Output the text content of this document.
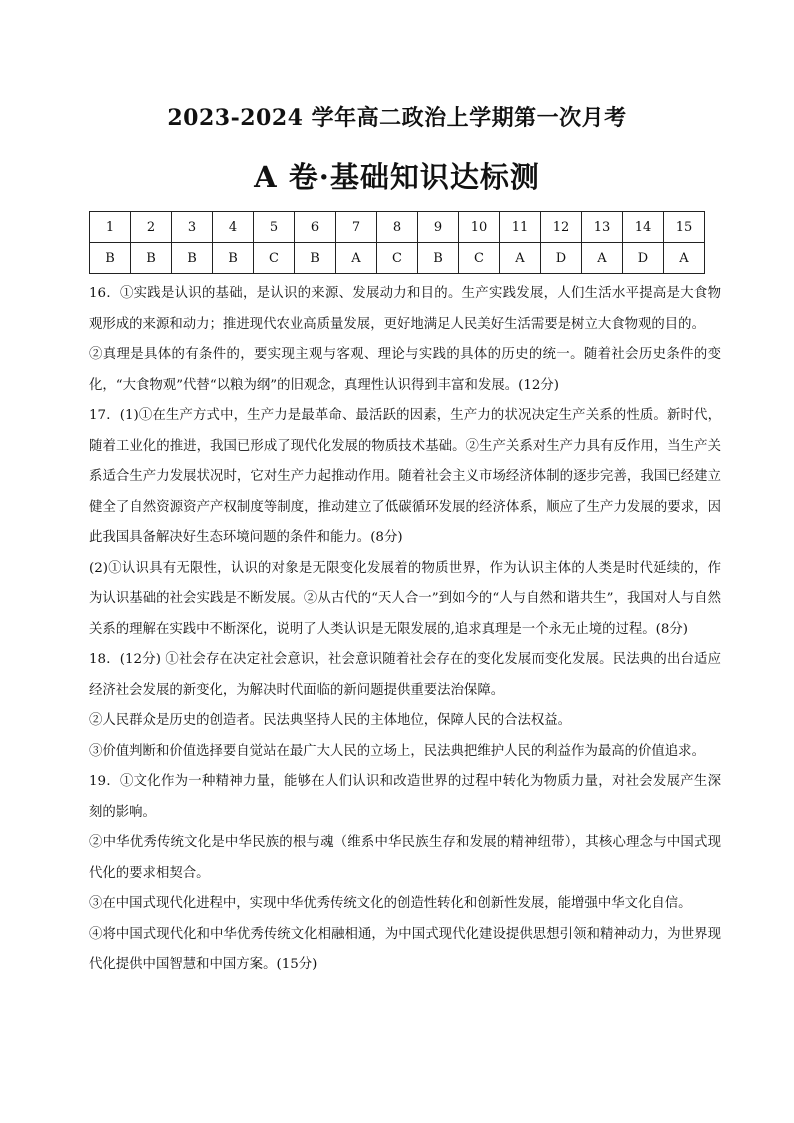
2023-2024 学年高二政治上学期第一次月考
A 卷·基础知识达标测
1	2	3	4	5	6	7	8	9	10	11	12	13	14	15
B	B	B	B	C	B	A	C	B	C	A	D	A	D	A

16．①实践是认识的基础，是认识的来源、发展动力和目的。生产实践发展，人们生活水平提高是大食物观形成的来源和动力；推进现代农业高质量发展，更好地满足人民美好生活需要是树立大食物观的目的。

②真理是具体的有条件的，要实现主观与客观、理论与实践的具体的历史的统一。随着社会历史条件的变化，“大食物观”代替“以粮为纲”的旧观念，真理性认识得到丰富和发展。(12分)

17．(1)①在生产方式中，生产力是最革命、最活跃的因素，生产力的状况决定生产关系的性质。新时代，随着工业化的推进，我国已形成了现代化发展的物质技术基础。②生产关系对生产力具有反作用，当生产关系适合生产力发展状况时，它对生产力起推动作用。随着社会主义市场经济体制的逐步完善，我国已经建立健全了自然资源资产产权制度等制度，推动建立了低碳循环发展的经济体系，顺应了生产力发展的要求，因此我国具备解决好生态环境问题的条件和能力。(8分)

(2)①认识具有无限性，认识的对象是无限变化发展着的物质世界，作为认识主体的人类是时代延续的，作为认识基础的社会实践是不断发展。②从古代的“天人合一”到如今的“人与自然和谐共生”，我国对人与自然关系的理解在实践中不断深化，说明了人类认识是无限发展的,追求真理是一个永无止境的过程。(8分)

18．(12分) ①社会存在决定社会意识，社会意识随着社会存在的变化发展而变化发展。民法典的出台适应经济社会发展的新变化，为解决时代面临的新问题提供重要法治保障。

②人民群众是历史的创造者。民法典坚持人民的主体地位，保障人民的合法权益。

③价值判断和价值选择要自觉站在最广大人民的立场上，民法典把维护人民的利益作为最高的价值追求。

19．①文化作为一种精神力量，能够在人们认识和改造世界的过程中转化为物质力量，对社会发展产生深刻的影响。

②中华优秀传统文化是中华民族的根与魂（维系中华民族生存和发展的精神纽带），其核心理念与中国式现代化的要求相契合。

③在中国式现代化进程中，实现中华优秀传统文化的创造性转化和创新性发展，能增强中华文化自信。

④将中国式现代化和中华优秀传统文化相融相通，为中国式现代化建设提供思想引领和精神动力，为世界现代化提供中国智慧和中国方案。(15分)
